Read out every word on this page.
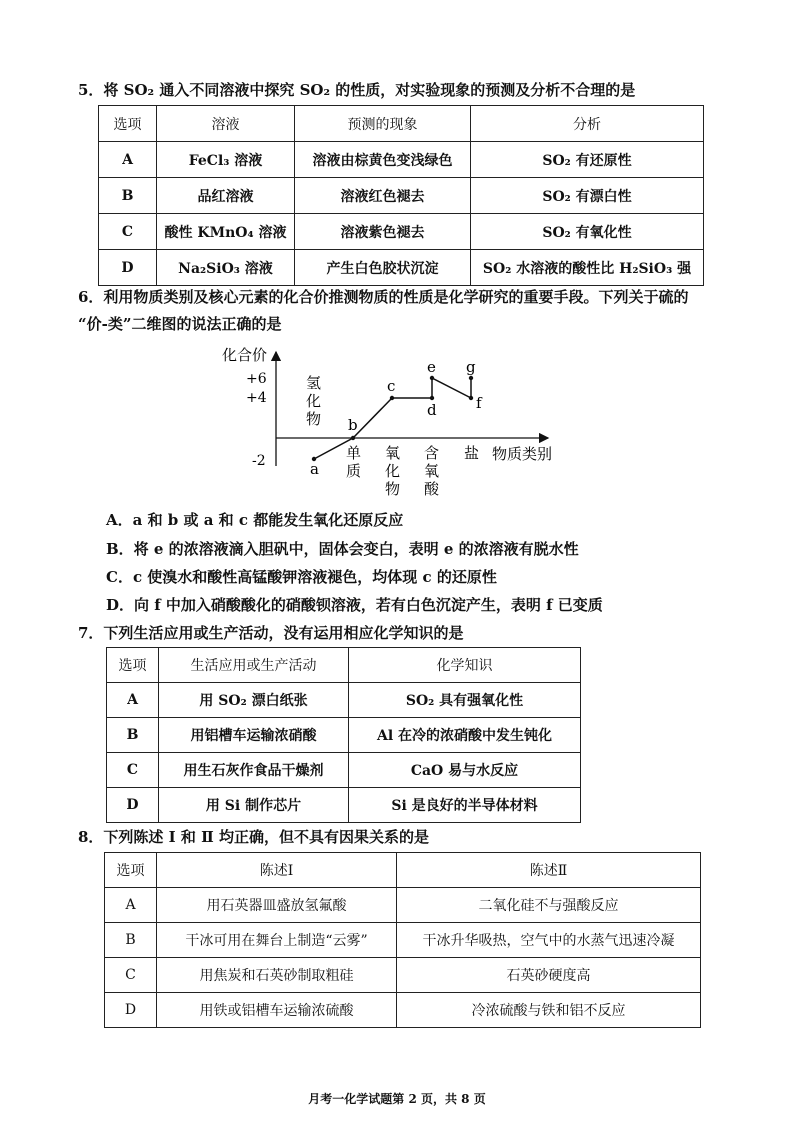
5．将 SO₂ 通入不同溶液中探究 SO₂ 的性质，对实验现象的预测及分析不合理的是
选项	溶液	预测的现象	分析
A	FeCl₃ 溶液	溶液由棕黄色变浅绿色	SO₂ 有还原性
B	品红溶液	溶液红色褪去	SO₂ 有漂白性
C	酸性 KMnO₄ 溶液	溶液紫色褪去	SO₂ 有氧化性
D	Na₂SiO₃ 溶液	产生白色胶状沉淀	SO₂ 水溶液的酸性比 H₂SiO₃ 强
6．利用物质类别及核心元素的化合价推测物质的性质是化学研究的重要手段。下列关于硫的
“价-类”二维图的说法正确的是
化合价
物质类别
+6
+4
-2
氢化物
单质
氧化物
含氧酸
盐
a
b
c
d
e
f
g
A．a 和 b 或 a 和 c 都能发生氧化还原反应
B．将 e 的浓溶液滴入胆矾中，固体会变白，表明 e 的浓溶液有脱水性
C．c 使溴水和酸性高锰酸钾溶液褪色，均体现 c 的还原性
D．向 f 中加入硝酸酸化的硝酸钡溶液，若有白色沉淀产生，表明 f 已变质
7．下列生活应用或生产活动，没有运用相应化学知识的是
选项	生活应用或生产活动	化学知识
A	用 SO₂ 漂白纸张	SO₂ 具有强氧化性
B	用铝槽车运输浓硝酸	Al 在冷的浓硝酸中发生钝化
C	用生石灰作食品干燥剂	CaO 易与水反应
D	用 Si 制作芯片	Si 是良好的半导体材料
8．下列陈述 Ⅰ 和 Ⅱ 均正确，但不具有因果关系的是
选项	陈述Ⅰ	陈述Ⅱ
A	用石英器皿盛放氢氟酸	二氧化硅不与强酸反应
B	干冰可用在舞台上制造“云雾”	干冰升华吸热，空气中的水蒸气迅速冷凝
C	用焦炭和石英砂制取粗硅	石英砂硬度高
D	用铁或铝槽车运输浓硫酸	冷浓硫酸与铁和铝不反应
月考一化学试题第 2 页，共 8 页
